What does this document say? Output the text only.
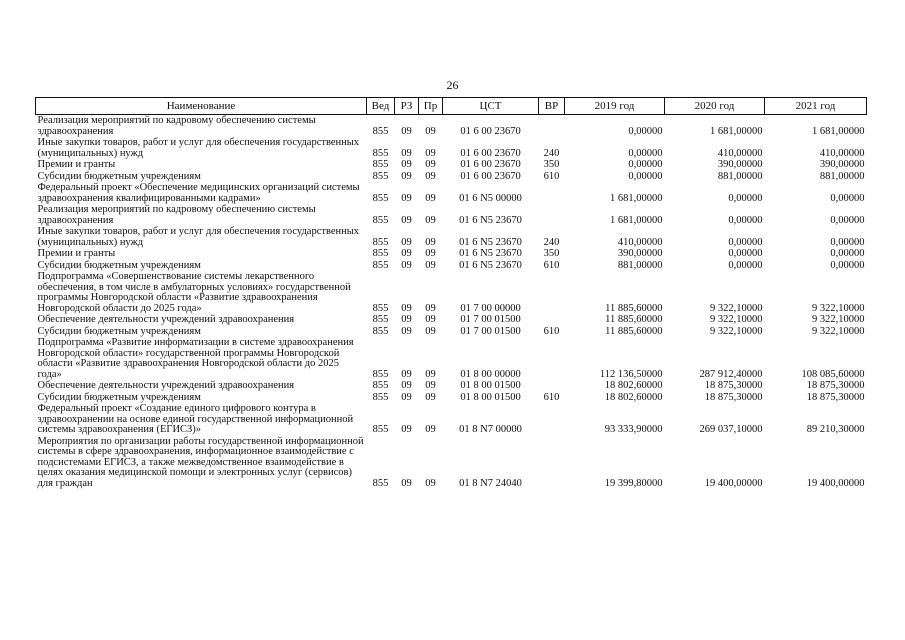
26
Наименование	Вед	РЗ	Пр	ЦСТ	ВР	2019 год	2020 год	2021 год
Реализация мероприятий по кадровому обеспечению системы здравоохранения	855	09	09	01 6 00 23670		0,00000	1 681,00000	1 681,00000
Иные закупки товаров, работ и услуг для обеспечения государственных (муниципальных) нужд	855	09	09	01 6 00 23670	240	0,00000	410,00000	410,00000
Премии и гранты	855	09	09	01 6 00 23670	350	0,00000	390,00000	390,00000
Субсидии бюджетным учреждениям	855	09	09	01 6 00 23670	610	0,00000	881,00000	881,00000
Федеральный проект «Обеспечение медицинских организаций системы здравоохранения квалифицированными кадрами»	855	09	09	01 6 N5 00000		1 681,00000	0,00000	0,00000
Реализация мероприятий по кадровому обеспечению системы здравоохранения	855	09	09	01 6 N5 23670		1 681,00000	0,00000	0,00000
Иные закупки товаров, работ и услуг для обеспечения государственных (муниципальных) нужд	855	09	09	01 6 N5 23670	240	410,00000	0,00000	0,00000
Премии и гранты	855	09	09	01 6 N5 23670	350	390,00000	0,00000	0,00000
Субсидии бюджетным учреждениям	855	09	09	01 6 N5 23670	610	881,00000	0,00000	0,00000
Подпрограмма «Совершенствование системы лекарственного обеспечения, в том числе в амбулаторных условиях» государственной программы Новгородской области «Развитие здравоохранения Новгородской области до 2025 года»	855	09	09	01 7 00 00000		11 885,60000	9 322,10000	9 322,10000
Обеспечение деятельности учреждений здравоохранения	855	09	09	01 7 00 01500		11 885,60000	9 322,10000	9 322,10000
Субсидии бюджетным учреждениям	855	09	09	01 7 00 01500	610	11 885,60000	9 322,10000	9 322,10000
Подпрограмма «Развитие информатизации в системе здравоохранения Новгородской области» государственной программы Новгородской области «Развитие здравоохранения Новгородской области до 2025 года»	855	09	09	01 8 00 00000		112 136,50000	287 912,40000	108 085,60000
Обеспечение деятельности учреждений здравоохранения	855	09	09	01 8 00 01500		18 802,60000	18 875,30000	18 875,30000
Субсидии бюджетным учреждениям	855	09	09	01 8 00 01500	610	18 802,60000	18 875,30000	18 875,30000
Федеральный проект «Создание единого цифрового контура в здравоохранении на основе единой государственной информационной системы здравоохранения (ЕГИСЗ)»	855	09	09	01 8 N7 00000		93 333,90000	269 037,10000	89 210,30000
Мероприятия по организации работы государственной информационной системы в сфере здравоохранения, информационное взаимодействие с подсистемами ЕГИСЗ, а также межведомственное взаимодействие в целях оказания медицинской помощи и электронных услуг (сервисов) для граждан	855	09	09	01 8 N7 24040		19 399,80000	19 400,00000	19 400,00000
